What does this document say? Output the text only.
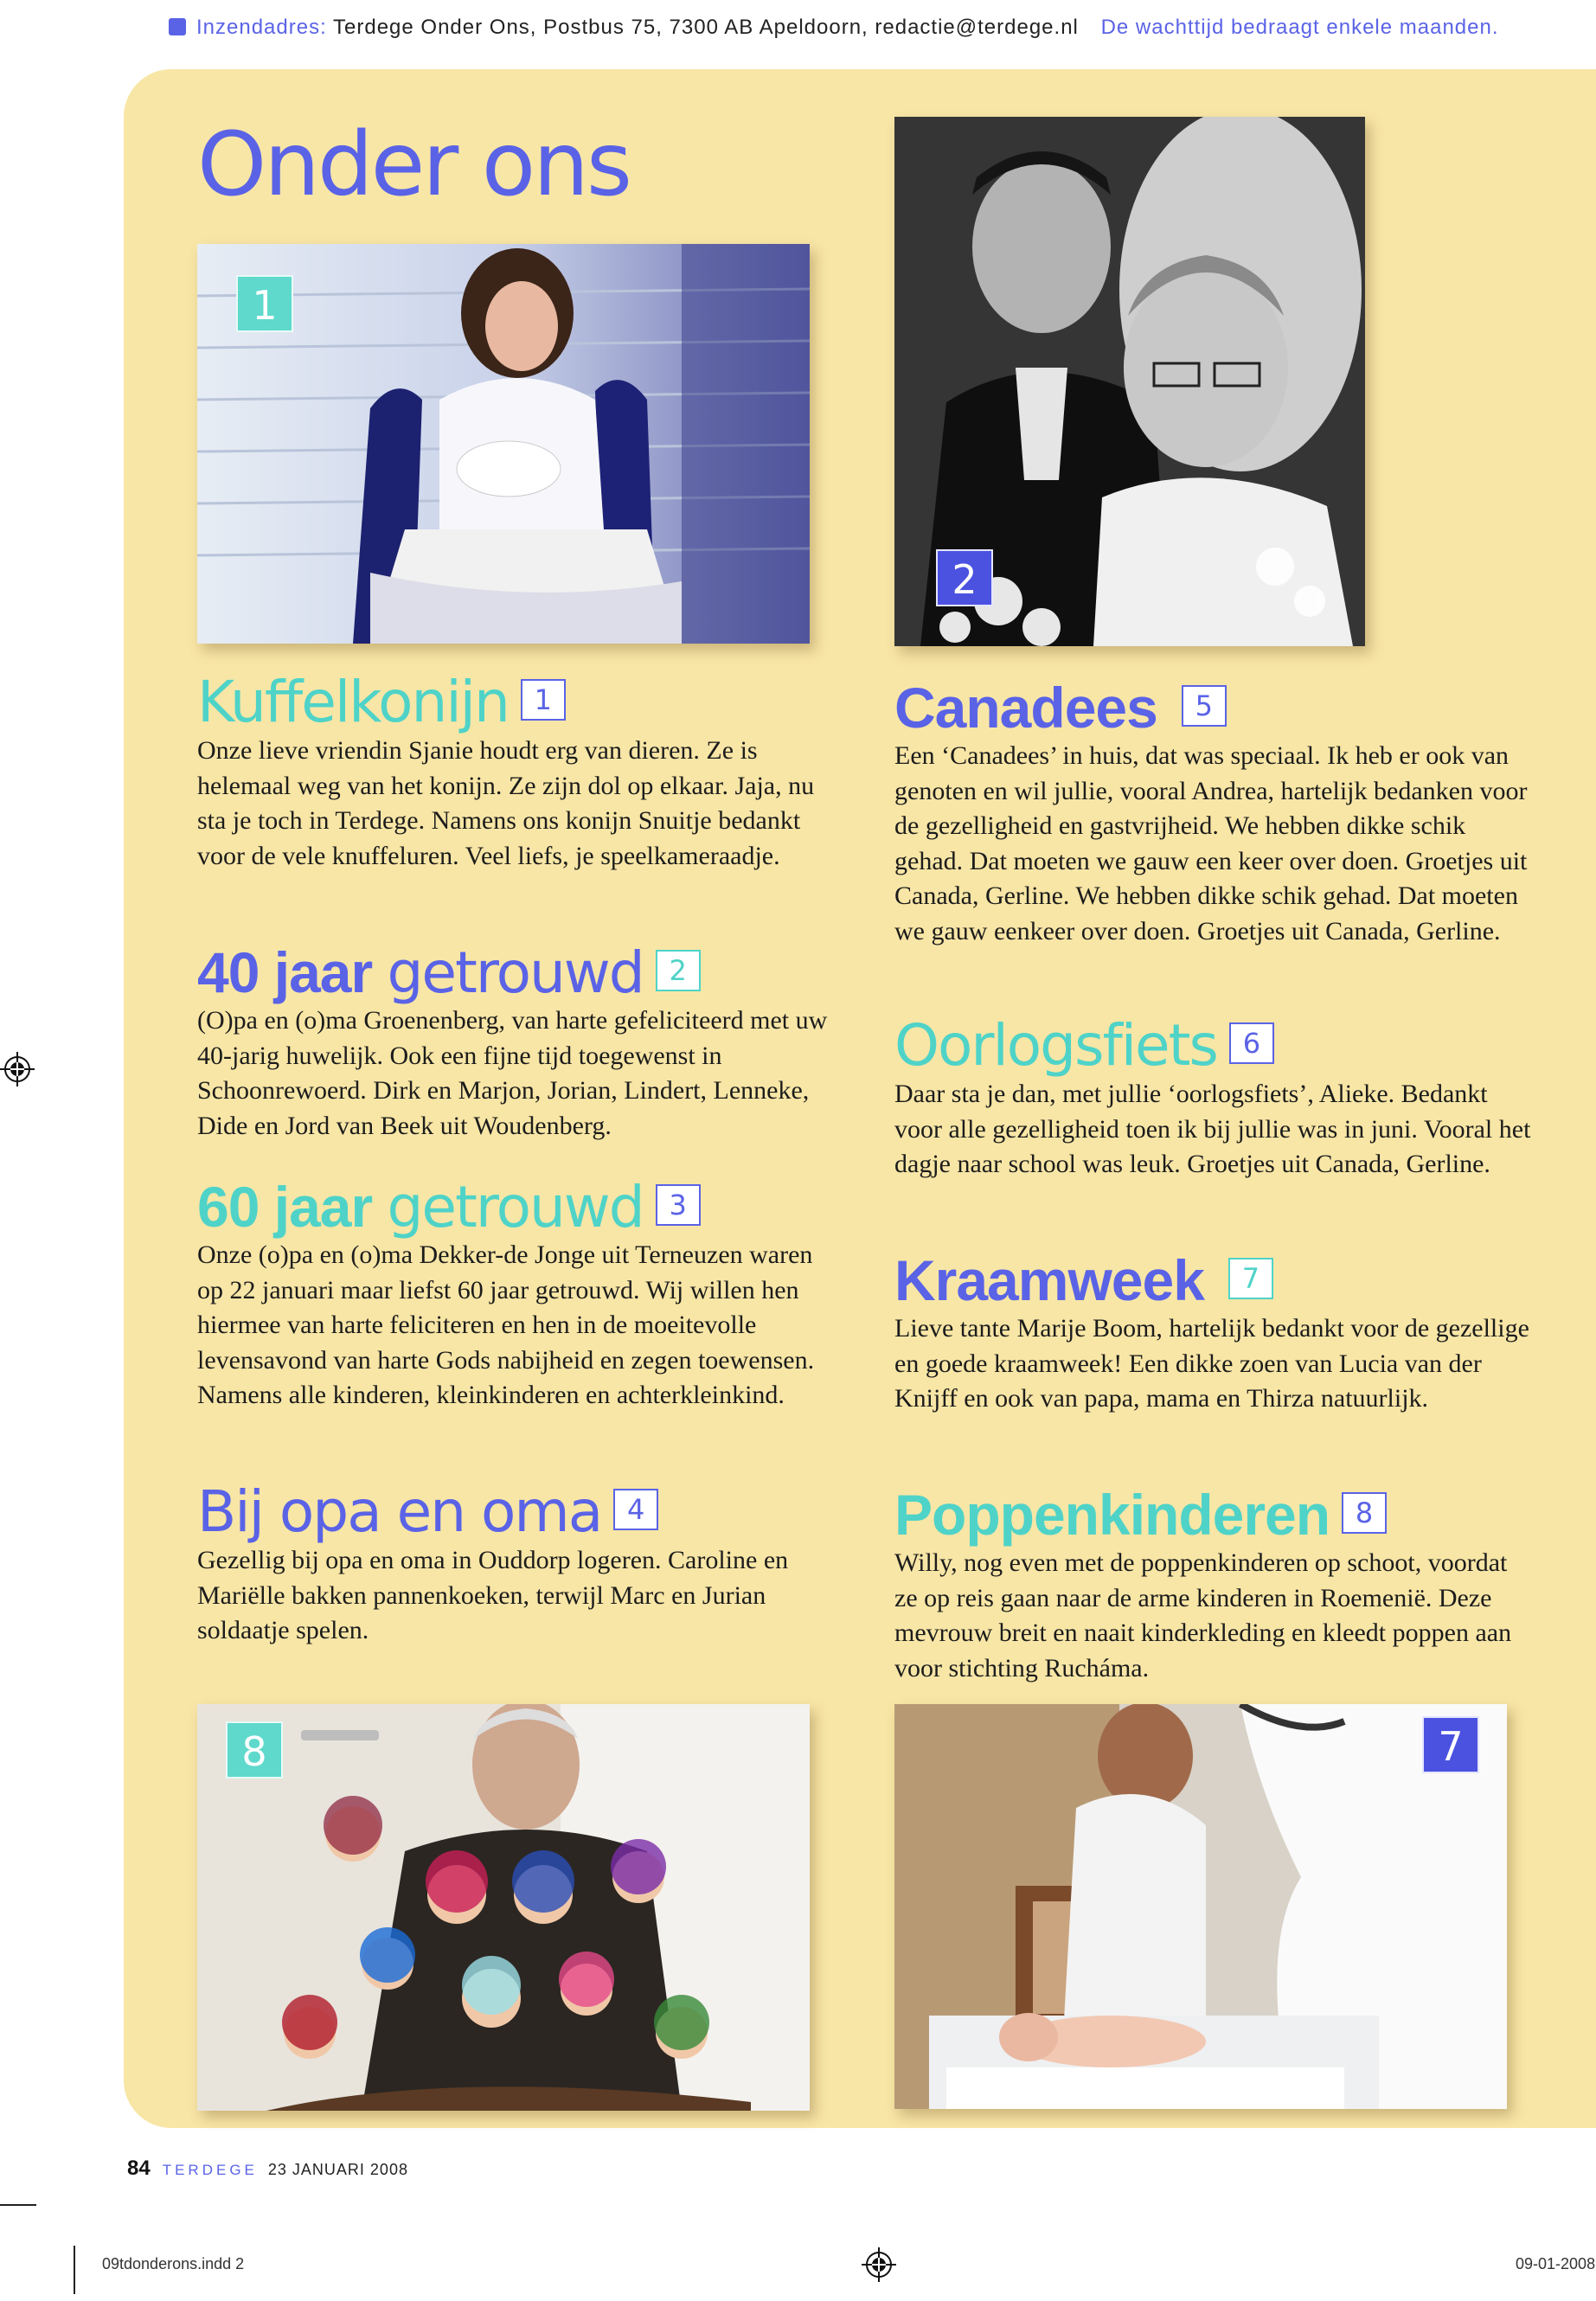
Inzendadres: Terdege Onder Ons, Postbus 75, 7300 AB Apeldoorn, redactie@terdege.nl De wachttijd bedraagt enkele maanden.
Onder ons
1
2
Kuffelkonijn 1
Onze lieve vriendin Sjanie houdt erg van dieren. Ze is helemaal weg van het konijn. Ze zijn dol op elkaar. Jaja, nu sta je toch in Terdege. Namens ons konijn Snuitje bedankt voor de vele knuffeluren. Veel liefs, je speelkameraadje.
40 jaar getrouwd 2
(O)pa en (o)ma Groenenberg, van harte gefeliciteerd met uw 40-jarig huwelijk. Ook een fijne tijd toegewenst in Schoonrewoerd. Dirk en Marjon, Jorian, Lindert, Lenneke, Dide en Jord van Beek uit Woudenberg.
60 jaar getrouwd 3
Onze (o)pa en (o)ma Dekker-de Jonge uit Terneuzen waren op 22 januari maar liefst 60 jaar getrouwd. Wij willen hen hiermee van harte feliciteren en hen in de moeitevolle levensavond van harte Gods nabijheid en zegen toewensen. Namens alle kinderen, kleinkinderen en achterkleinkind.
Bij opa en oma 4
Gezellig bij opa en oma in Ouddorp logeren. Caroline en Mariëlle bakken pannenkoeken, terwijl Marc en Jurian soldaatje spelen.
Canadees 5
Een ‘Canadees’ in huis, dat was speciaal. Ik heb er ook van genoten en wil jullie, vooral Andrea, hartelijk bedanken voor de gezelligheid en gastvrijheid. We hebben dikke schik gehad. Dat moeten we gauw een keer over doen. Groetjes uit Canada, Gerline. We hebben dikke schik gehad. Dat moeten we gauw eenkeer over doen. Groetjes uit Canada, Gerline.
Oorlogsfiets 6
Daar sta je dan, met jullie ‘oorlogsfiets’, Alieke. Bedankt voor alle gezelligheid toen ik bij jullie was in juni. Vooral het dagje naar school was leuk. Groetjes uit Canada, Gerline.
Kraamweek 7
Lieve tante Marije Boom, hartelijk bedankt voor de gezellige en goede kraamweek! Een dikke zoen van Lucia van der Knijff en ook van papa, mama en Thirza natuurlijk.
Poppenkinderen 8
Willy, nog even met de poppenkinderen op schoot, voordat ze op reis gaan naar de arme kinderen in Roemenië. Deze mevrouw breit en naait kinderkleding en kleedt poppen aan voor stichting Rucháma.
8	7
84 TERDEGE 23 JANUARI 2008
09tdonderons.indd 2	09-01-2008
